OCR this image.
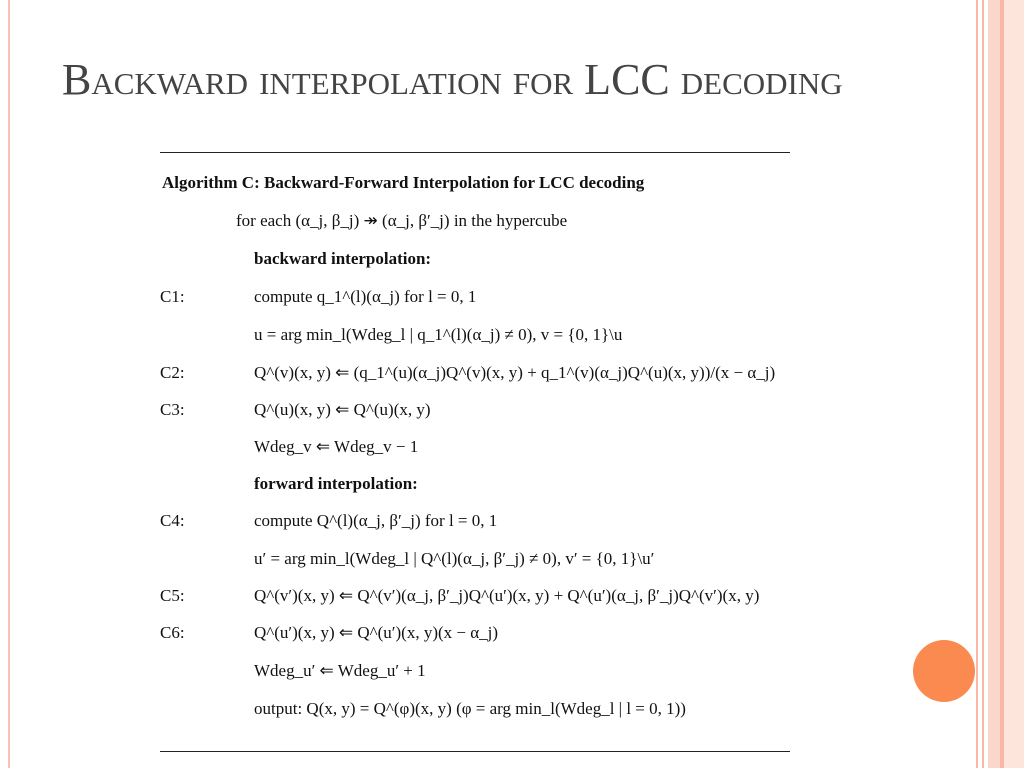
Backward interpolation for LCC decoding
Algorithm C: Backward-Forward Interpolation for LCC decoding
for each (α_j, β_j) ↠ (α_j, β′_j) in the hypercube
backward interpolation:
C1:	compute q_1^(l)(α_j) for l = 0, 1
u = arg min_l(Wdeg_l | q_1^(l)(α_j) ≠ 0), v = {0, 1}\u
C2:	Q^(v)(x, y) ⇐ (q_1^(u)(α_j)Q^(v)(x, y) + q_1^(v)(α_j)Q^(u)(x, y))/(x − α_j)
C3:	Q^(u)(x, y) ⇐ Q^(u)(x, y)
Wdeg_v ⇐ Wdeg_v − 1
forward interpolation:
C4:	compute Q^(l)(α_j, β′_j) for l = 0, 1
u′ = arg min_l(Wdeg_l | Q^(l)(α_j, β′_j) ≠ 0), v′ = {0, 1}\u′
C5:	Q^(v′)(x, y) ⇐ Q^(v′)(α_j, β′_j)Q^(u′)(x, y) + Q^(u′)(α_j, β′_j)Q^(v′)(x, y)
C6:	Q^(u′)(x, y) ⇐ Q^(u′)(x, y)(x − α_j)
Wdeg_u′ ⇐ Wdeg_u′ + 1
output: Q(x, y) = Q^(φ)(x, y) (φ = arg min_l(Wdeg_l | l = 0, 1))
